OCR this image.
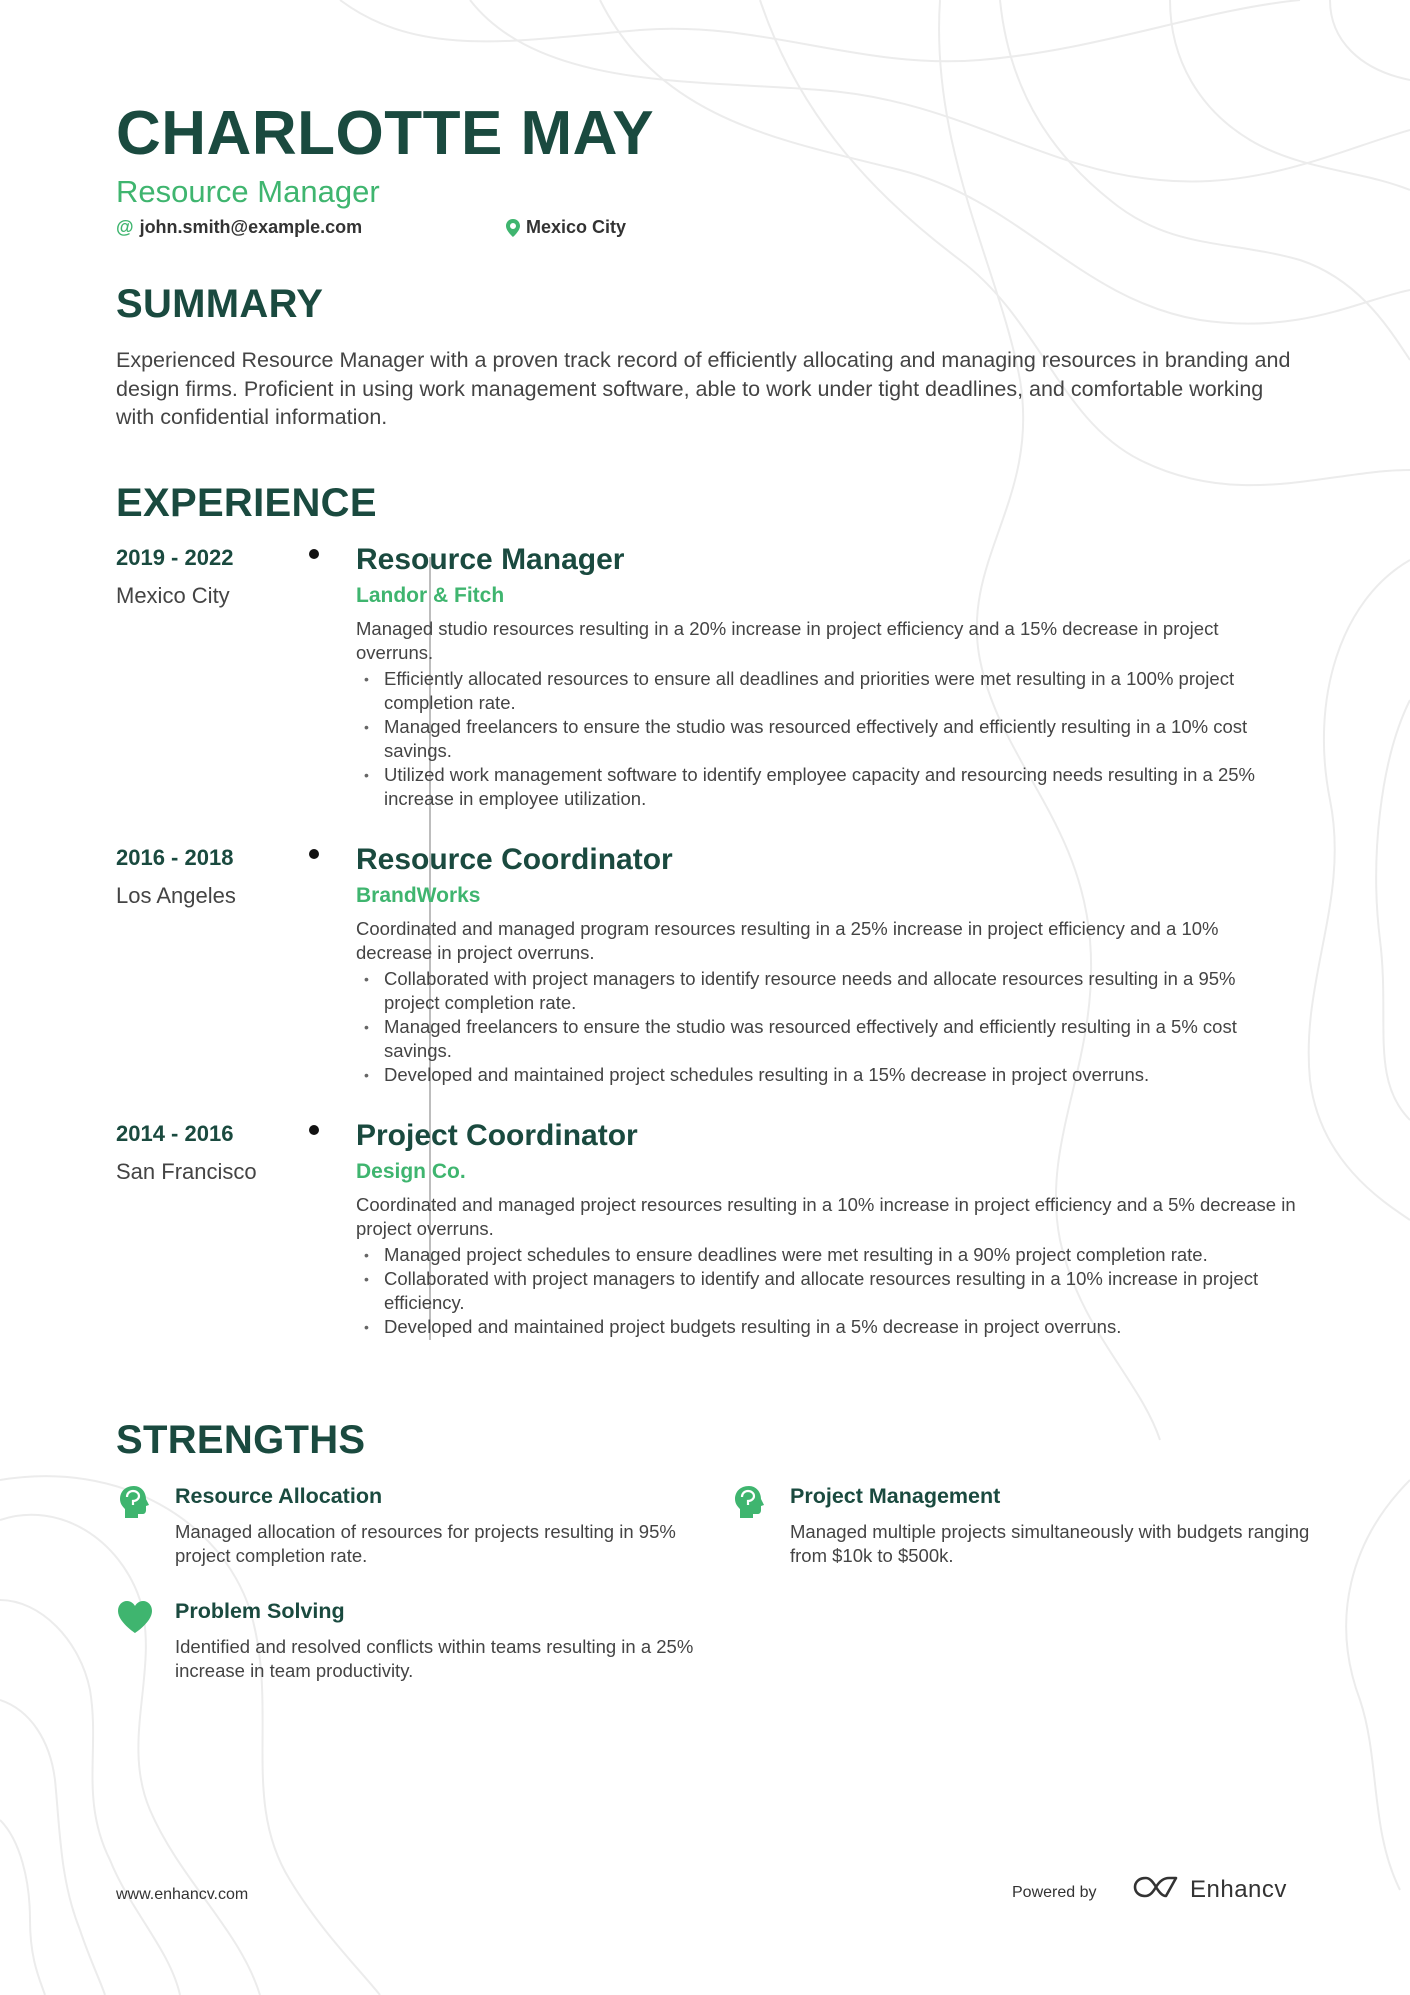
CHARLOTTE MAY
Resource Manager
@ john.smith@example.com	Mexico City
SUMMARY

Experienced Resource Manager with a proven track record of efficiently allocating and managing resources in branding and design firms. Proficient in using work management software, able to work under tight deadlines, and comfortable working with confidential information.

EXPERIENCE
2019 - 2022
Mexico City
Resource Manager
Landor & Fitch

Managed studio resources resulting in a 20% increase in project efficiency and a 15% decrease in project overruns.

• Efficiently allocated resources to ensure all deadlines and priorities were met resulting in a 100% project completion rate.
• Managed freelancers to ensure the studio was resourced effectively and efficiently resulting in a 10% cost savings.
• Utilized work management software to identify employee capacity and resourcing needs resulting in a 25% increase in employee utilization.
2016 - 2018
Los Angeles
Resource Coordinator
BrandWorks

Coordinated and managed program resources resulting in a 25% increase in project efficiency and a 10% decrease in project overruns.

• Collaborated with project managers to identify resource needs and allocate resources resulting in a 95% project completion rate.
• Managed freelancers to ensure the studio was resourced effectively and efficiently resulting in a 5% cost savings.
• Developed and maintained project schedules resulting in a 15% decrease in project overruns.
2014 - 2016
San Francisco
Project Coordinator
Design Co.

Coordinated and managed project resources resulting in a 10% increase in project efficiency and a 5% decrease in project overruns.

• Managed project schedules to ensure deadlines were met resulting in a 90% project completion rate.
• Collaborated with project managers to identify and allocate resources resulting in a 10% increase in project efficiency.
• Developed and maintained project budgets resulting in a 5% decrease in project overruns.
STRENGTHS
Resource Allocation

Managed allocation of resources for projects resulting in 95% project completion rate.

Project Management

Managed multiple projects simultaneously with budgets ranging from $10k to $500k.

Problem Solving

Identified and resolved conflicts within teams resulting in a 25% increase in team productivity.

www.enhancv.com	Powered by	Enhancv
